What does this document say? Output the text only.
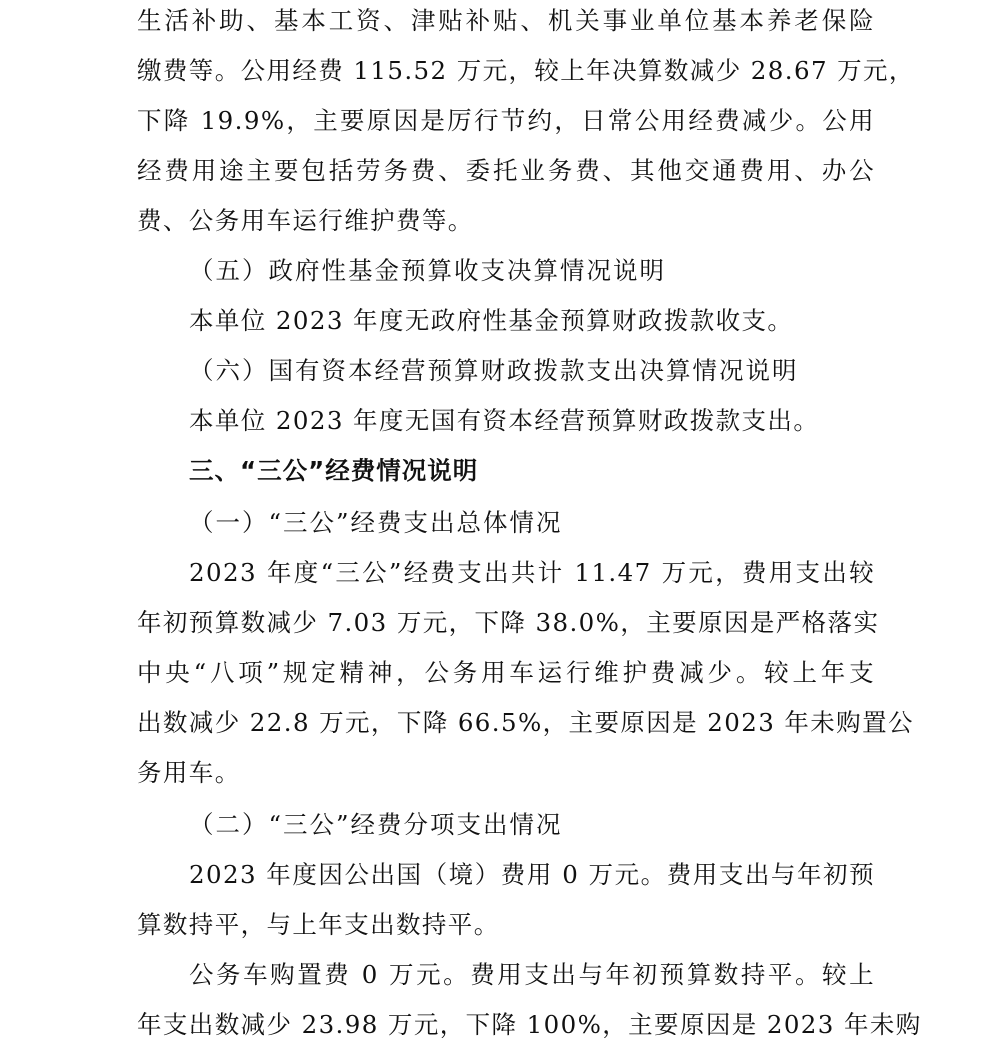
生活补助、基本工资、津贴补贴、机关事业单位基本养老保险
缴费等。公用经费 115.52 万元，较上年决算数减少 28.67 万元，
下降 19.9%，主要原因是厉行节约，日常公用经费减少。公用
经费用途主要包括劳务费、委托业务费、其他交通费用、办公
费、公务用车运行维护费等。
（五）政府性基金预算收支决算情况说明
本单位 2023 年度无政府性基金预算财政拨款收支。
（六）国有资本经营预算财政拨款支出决算情况说明
本单位 2023 年度无国有资本经营预算财政拨款支出。
三、“三公”经费情况说明
（一）“三公”经费支出总体情况
2023 年度“三公”经费支出共计 11.47 万元，费用支出较
年初预算数减少 7.03 万元，下降 38.0%，主要原因是严格落实
中央“八项”规定精神，公务用车运行维护费减少。较上年支
出数减少 22.8 万元，下降 66.5%，主要原因是 2023 年未购置公
务用车。
（二）“三公”经费分项支出情况
2023 年度因公出国（境）费用 0 万元。费用支出与年初预
算数持平，与上年支出数持平。
公务车购置费 0 万元。费用支出与年初预算数持平。较上
年支出数减少 23.98 万元，下降 100%，主要原因是 2023 年未购
